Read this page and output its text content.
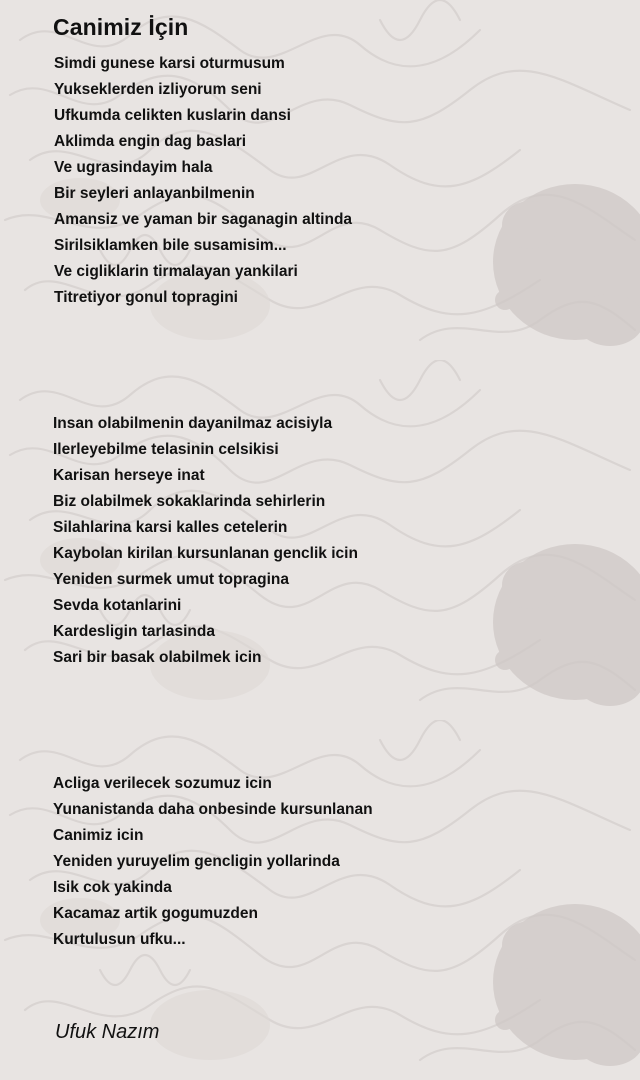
Canimiz İçin
Simdi gunese karsi oturmusum
Yukseklerden izliyorum seni
Ufkumda celikten kuslarin dansi
Aklimda engin dag baslari
Ve ugrasindayim hala
Bir seyleri anlayanbilmenin
Amansiz ve yaman bir saganagin altinda
Sirilsiklamken bile susamisim...
Ve cigliklarin tirmalayan yankilari
Titretiyor gonul topragini
Insan olabilmenin dayanilmaz acisiyla
Ilerleyebilme telasinin celsikisi
Karisan herseye inat
Biz olabilmek sokaklarinda sehirlerin
Silahlarina karsi kalles cetelerin
Kaybolan kirilan kursunlanan genclik icin
Yeniden surmek umut topragina
Sevda kotanlarini
Kardesligin tarlasinda
Sari bir basak olabilmek icin
Acliga verilecek sozumuz icin
Yunanistanda daha onbesinde kursunlanan
Canimiz icin
Yeniden yuruyelim gencligin yollarinda
Isik cok yakinda
Kacamaz artik gogumuzden
Kurtulusun ufku...
Ufuk Nazım
